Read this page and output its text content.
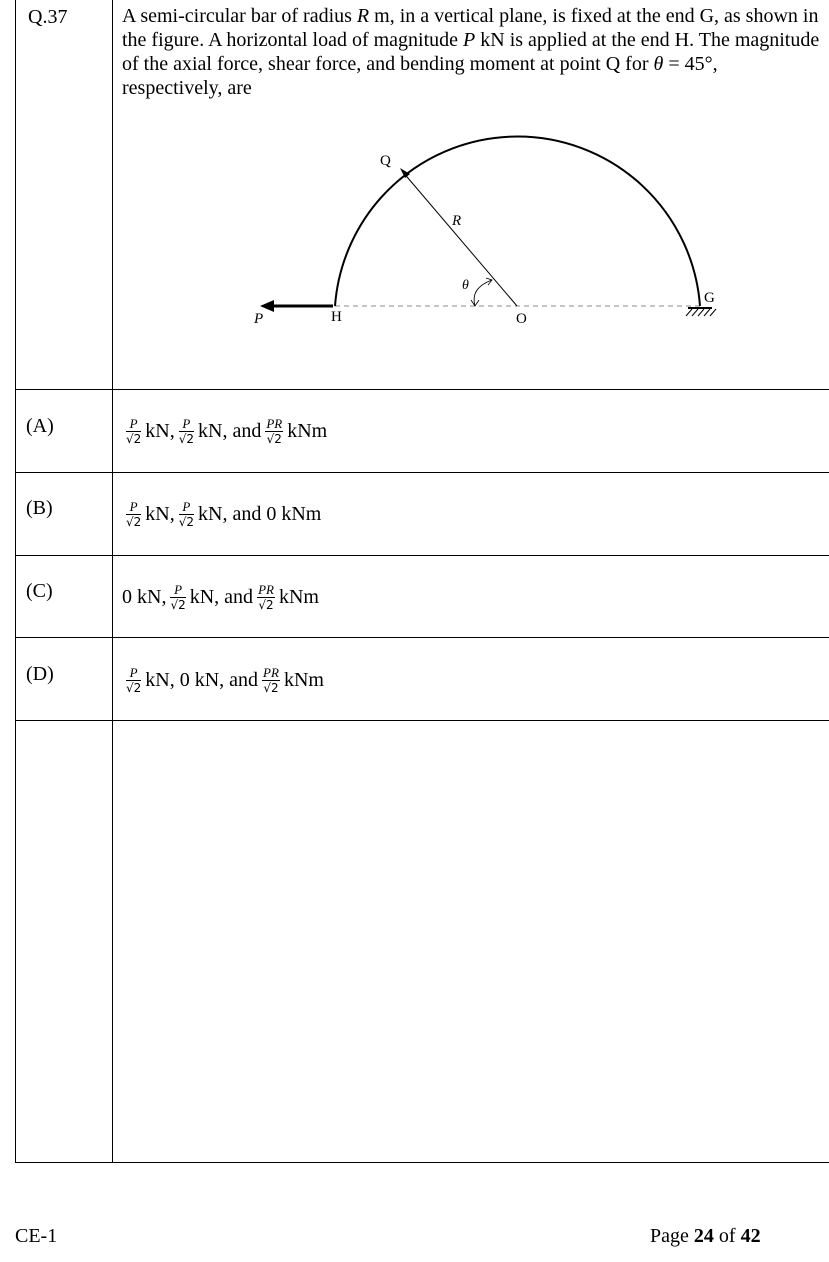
Q.37	A semi-circular bar of radius R m, in a vertical plane, is fixed at the end G, as shown in the figure. A horizontal load of magnitude P kN is applied at the end H. The magnitude of the axial force, shear force, and bending moment at point Q for θ = 45°, respectively, are
Q
R
θ
P	H	O
G
(A)	$\frac{P}{√2}$ kN, $\frac{P}{√2}$ kN, and $\frac{PR}{√2}$ kNm
(B)	$\frac{P}{√2}$ kN, $\frac{P}{√2}$ kN, and 0 kNm
(C)	0 kN, $\frac{P}{√2}$ kN, and $\frac{PR}{√2}$ kNm
(D)	$\frac{P}{√2}$ kN, 0 kN, and $\frac{PR}{√2}$ kNm
CE-1	Page 24 of 42
